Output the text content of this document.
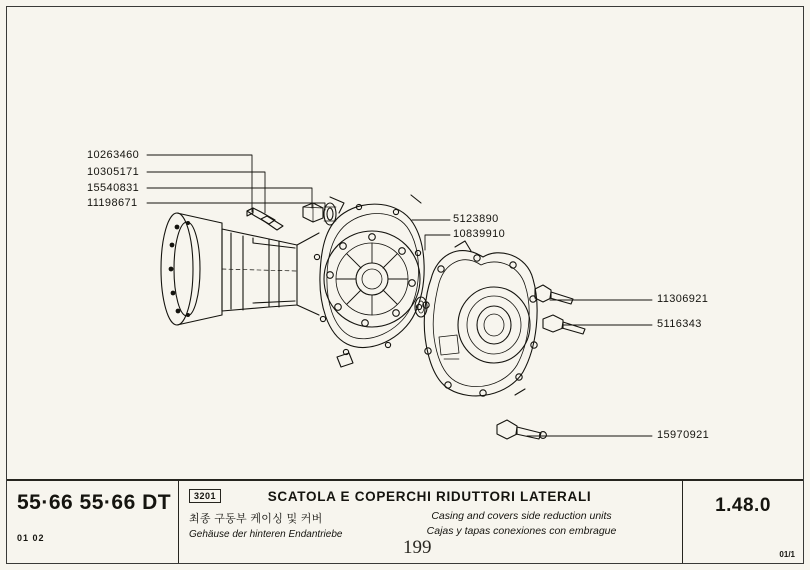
10263460
10305171
15540831
11198671
5123890
10839910
11306921
5116343
15970921
55·66 55·66 DT
01 02
3201	SCATOLA E COPERCHI RIDUTTORI LATERALI
최종 구동부 케이싱 및 커버
Gehäuse der hinteren Endantriebe
Casing and covers side reduction units
Cajas y tapas conexiones con embrague
1.48.0
01/1
199
